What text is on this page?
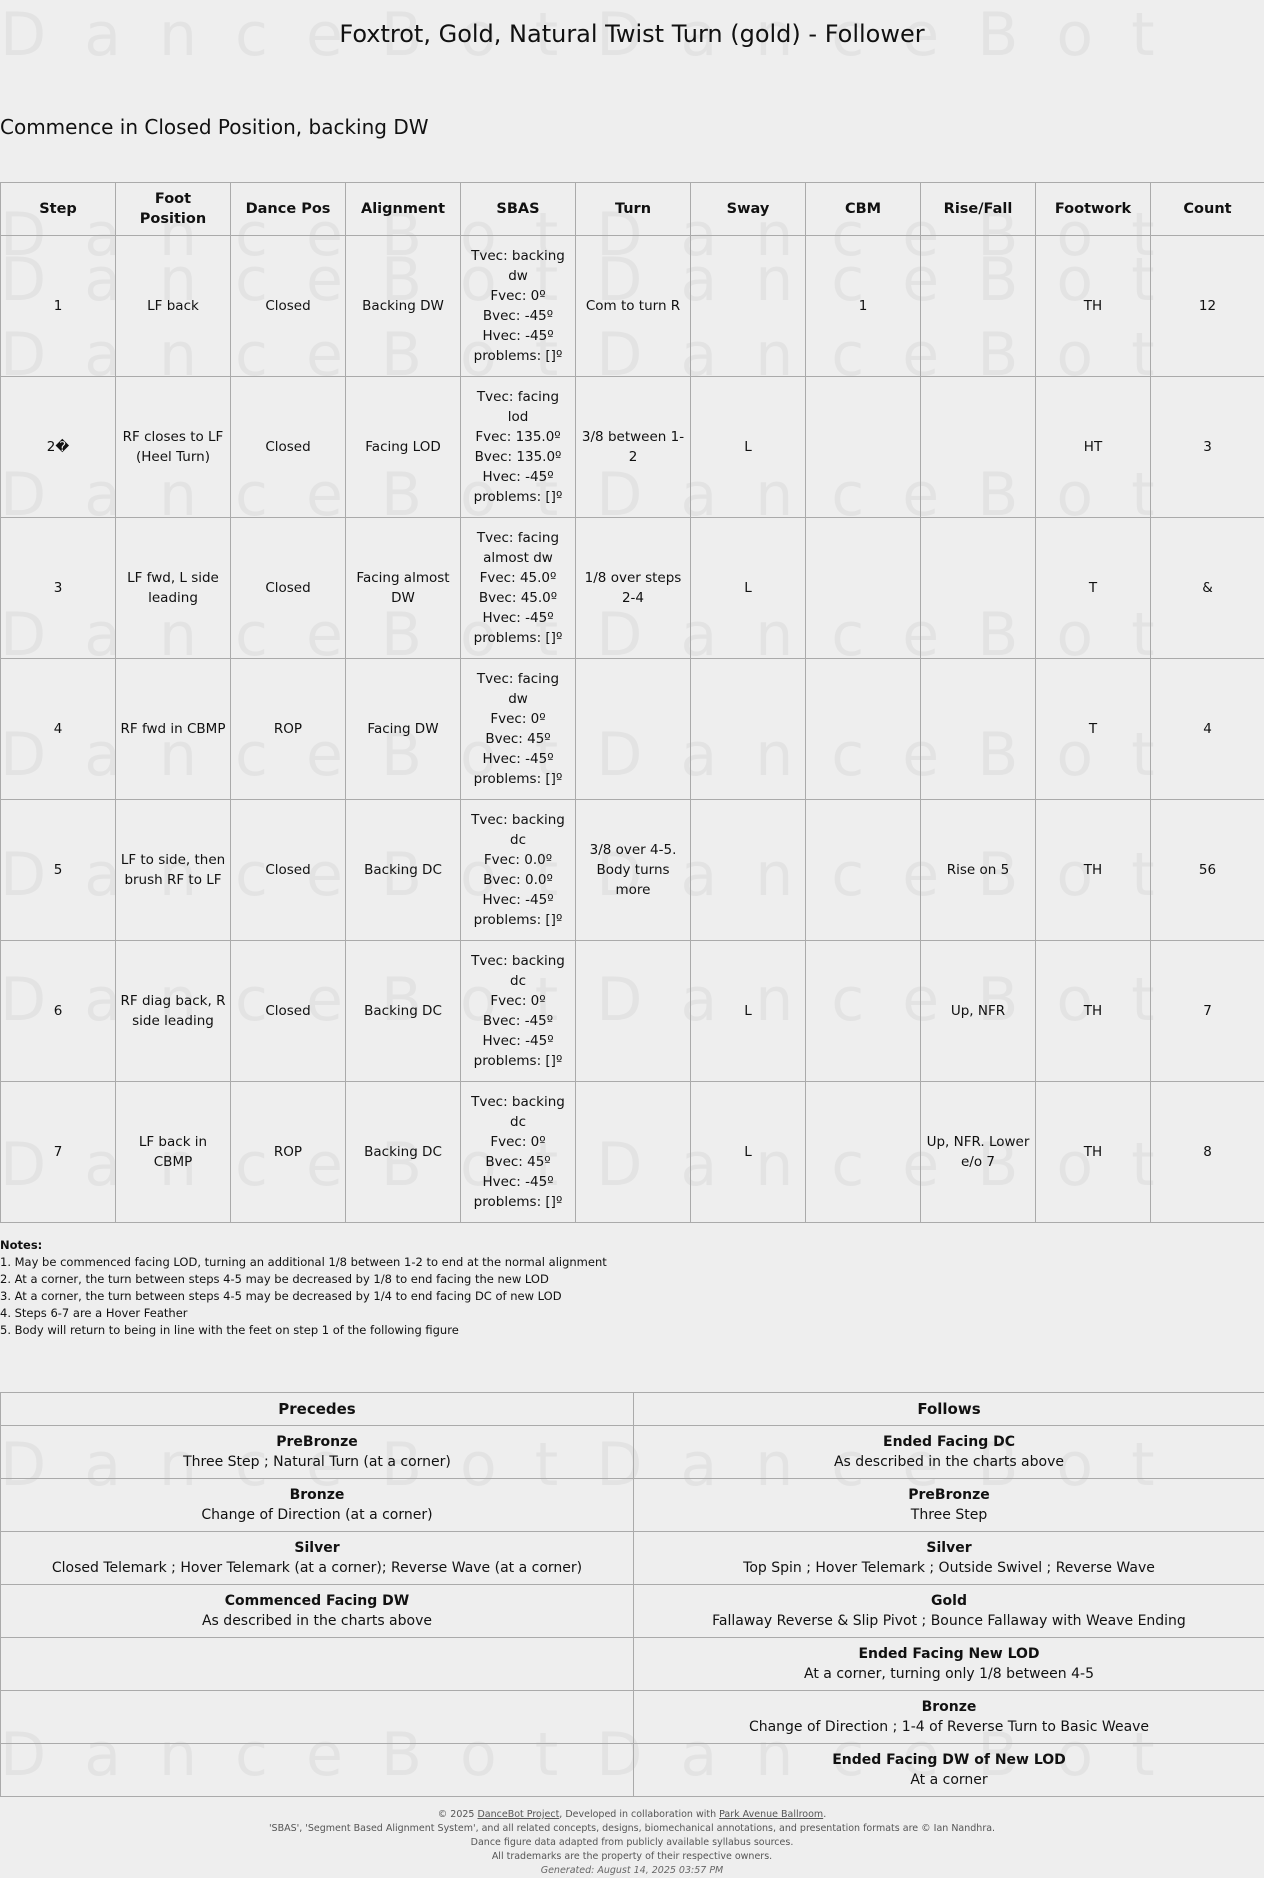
Foxtrot, Gold, Natural Twist Turn (gold) - Follower
Commence in Closed Position, backing DW
Step	Foot Position	Dance Pos	Alignment	SBAS	Turn	Sway	CBM	Rise/Fall	Footwork	Count
1	LF back	Closed	Backing DW	Tvec: backing dw
Fvec: 0º
Bvec: -45º
Hvec: -45º
problems: []º	Com to turn R		1		TH	12
2�	RF closes to LF (Heel Turn)	Closed	Facing LOD	Tvec: facing lod
Fvec: 135.0º
Bvec: 135.0º
Hvec: -45º
problems: []º	3/8 between 1-2	L			HT	3
3	LF fwd, L side leading	Closed	Facing almost DW	Tvec: facing almost dw
Fvec: 45.0º
Bvec: 45.0º
Hvec: -45º
problems: []º	1/8 over steps 2-4	L			T	&
4	RF fwd in CBMP	ROP	Facing DW	Tvec: facing dw
Fvec: 0º
Bvec: 45º
Hvec: -45º
problems: []º					T	4
5	LF to side, then brush RF to LF	Closed	Backing DC	Tvec: backing dc
Fvec: 0.0º
Bvec: 0.0º
Hvec: -45º
problems: []º	3/8 over 4-5. Body turns more			Rise on 5	TH	56
6	RF diag back, R side leading	Closed	Backing DC	Tvec: backing dc
Fvec: 0º
Bvec: -45º
Hvec: -45º
problems: []º		L		Up, NFR	TH	7
7	LF back in CBMP	ROP	Backing DC	Tvec: backing dc
Fvec: 0º
Bvec: 45º
Hvec: -45º
problems: []º		L		Up, NFR. Lower e/o 7	TH	8
Notes:
1. May be commenced facing LOD, turning an additional 1/8 between 1-2 to end at the normal alignment
2. At a corner, the turn between steps 4-5 may be decreased by 1/8 to end facing the new LOD
3. At a corner, the turn between steps 4-5 may be decreased by 1/4 to end facing DC of new LOD
4. Steps 6-7 are a Hover Feather
5. Body will return to being in line with the feet on step 1 of the following figure
Precedes	Follows

PreBronze
Three Step ; Natural Turn (at a corner)	Ended Facing DC
As described in the charts above

Bronze
Change of Direction (at a corner)	PreBronze
Three Step

Silver
Closed Telemark ; Hover Telemark (at a corner); Reverse Wave (at a corner)	Silver
Top Spin ; Hover Telemark ; Outside Swivel ; Reverse Wave

Commenced Facing DW
As described in the charts above	Gold
Fallaway Reverse & Slip Pivot ; Bounce Fallaway with Weave Ending

	Ended Facing New LOD
At a corner, turning only 1/8 between 4-5

	Bronze
Change of Direction ; 1-4 of Reverse Turn to Basic Weave

	Ended Facing DW of New LOD
At a corner
© 2025 DanceBot Project, Developed in collaboration with Park Avenue Ballroom.
'SBAS', 'Segment Based Alignment System', and all related concepts, designs, biomechanical annotations, and presentation formats are © Ian Nandhra.
Dance figure data adapted from publicly available syllabus sources.
All trademarks are the property of their respective owners.
Generated: August 14, 2025 03:57 PM
